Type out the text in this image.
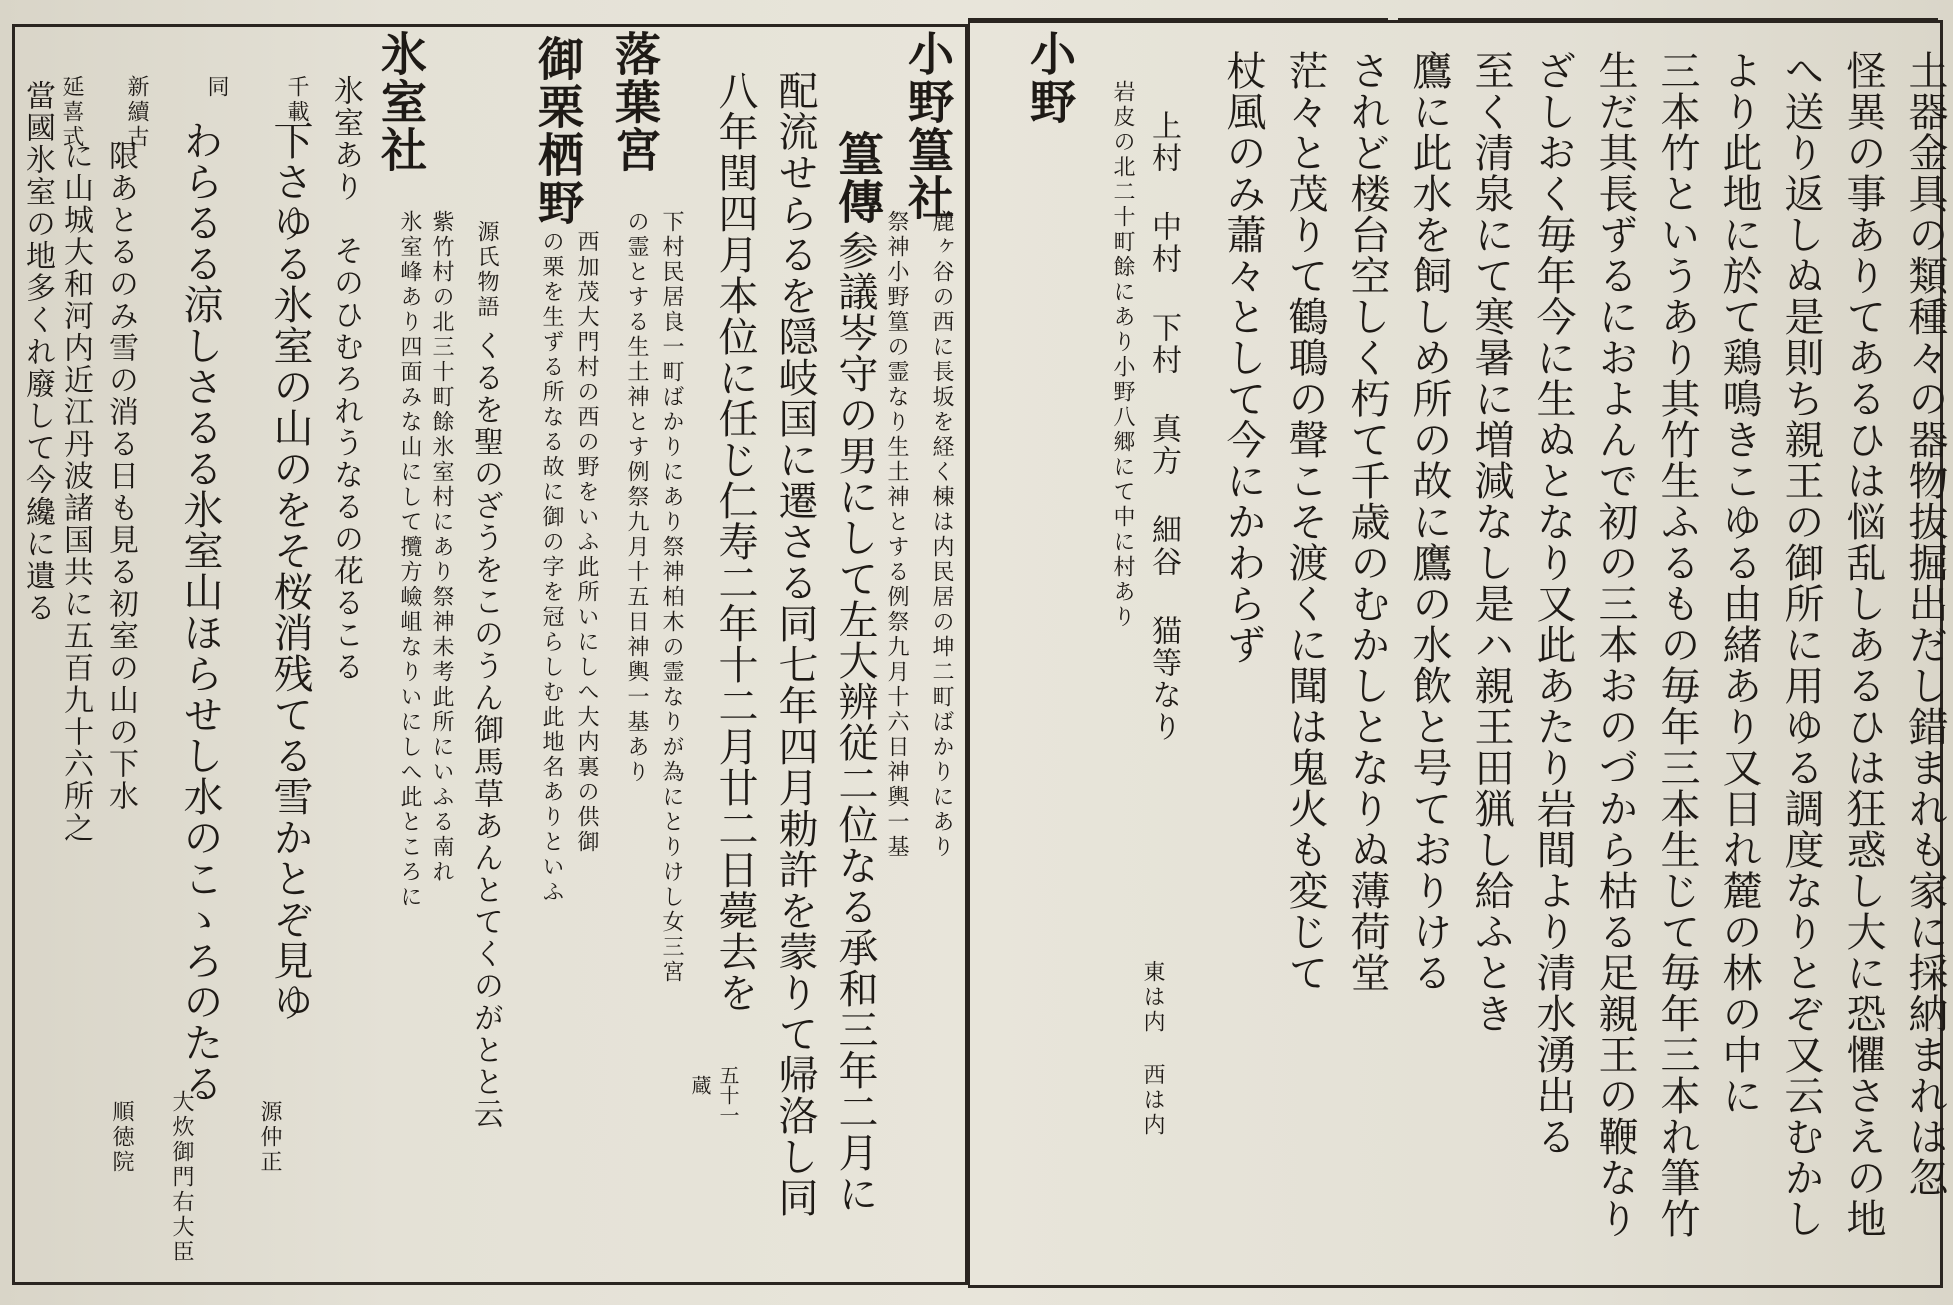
土器金具の類種々の器物抜掘出だし錯まれも家に採納まれは忽
怪異の事ありてあるひは悩乱しあるひは狂惑し大に恐懼さえの地
へ送り返しぬ是則ち親王の御所に用ゆる調度なりとぞ又云むかし
より此地に於て鶏鳴きこゆる由緒あり又日れ麓の林の中に
三本竹というあり其竹生ふるもの毎年三本生じて毎年三本れ筆竹
生だ其長ずるにおよんで初の三本おのづから枯る足親王の鞭なり
ざしおく毎年今に生ぬとなり又此あたり岩間より清水湧出る
至く清泉にて寒暑に増減なし是ハ親王田猟し給ふとき
鷹に此水を飼しめ所の故に鷹の水飲と号ておりける
されど楼台空しく朽て千歳のむかしとなりぬ薄荷堂
茫々と茂りて鶴鵈の聲こそ渡くに聞は鬼火も変じて
杖風のみ蕭々として今にかわらず
小野
岩皮の北二十町餘にあり小野八郷にて中に村あり 上村 中村 下村 真方 細谷 猫等なり
東は内 西は内
小野篁社
鹿ヶ谷の西に長坂を経く棟は内民居の坤二町ばかりにあり
祭神小野篁の霊なり生土神とする例祭九月十六日神輿一基
篁傳
参議岑守の男にして左大辨従二位なる承和三年二月に
配流せらるを隠岐国に遷さる同七年四月勅許を蒙りて帰洛し同
八年閏四月本位に任じ仁寿二年十二月廿二日薨去を
五十一
蔵
落葉宮
下村民居良一町ばかりにあり祭神柏木の霊なりが為にとりけし女三宮
の霊とする生土神とす例祭九月十五日神輿一基あり
御栗栖野
西加茂大門村の西の野をいふ此所いにしへ大内裏の供御
の栗を生ずる所なる故に御の字を冠らしむ此地名ありといふ
源氏物語
くるを聖のざうをこのうん御馬草あんとてくのがとと云
氷室社
紫竹村の北三十町餘氷室村にあり祭神未考此所にいふる南れ
氷室峰あり四面みな山にして攬方嶮岨なりいにしへ此ところに
氷室あり　そのひむろれうなるの花るこる
千載
下さゆる氷室の山のをそ桜消残てる雪かとぞ見ゆ
源仲正
同
わらるる涼しさるる氷室山ほらせし水のこゝろのたる
大炊御門右大臣
新續古
限あとるのみ雪の消る日も見る初室の山の下水
順徳院
延喜式
に山城大和河内近江丹波諸国共に五百九十六所之
當國氷室の地多くれ廢して今纔に遺る
